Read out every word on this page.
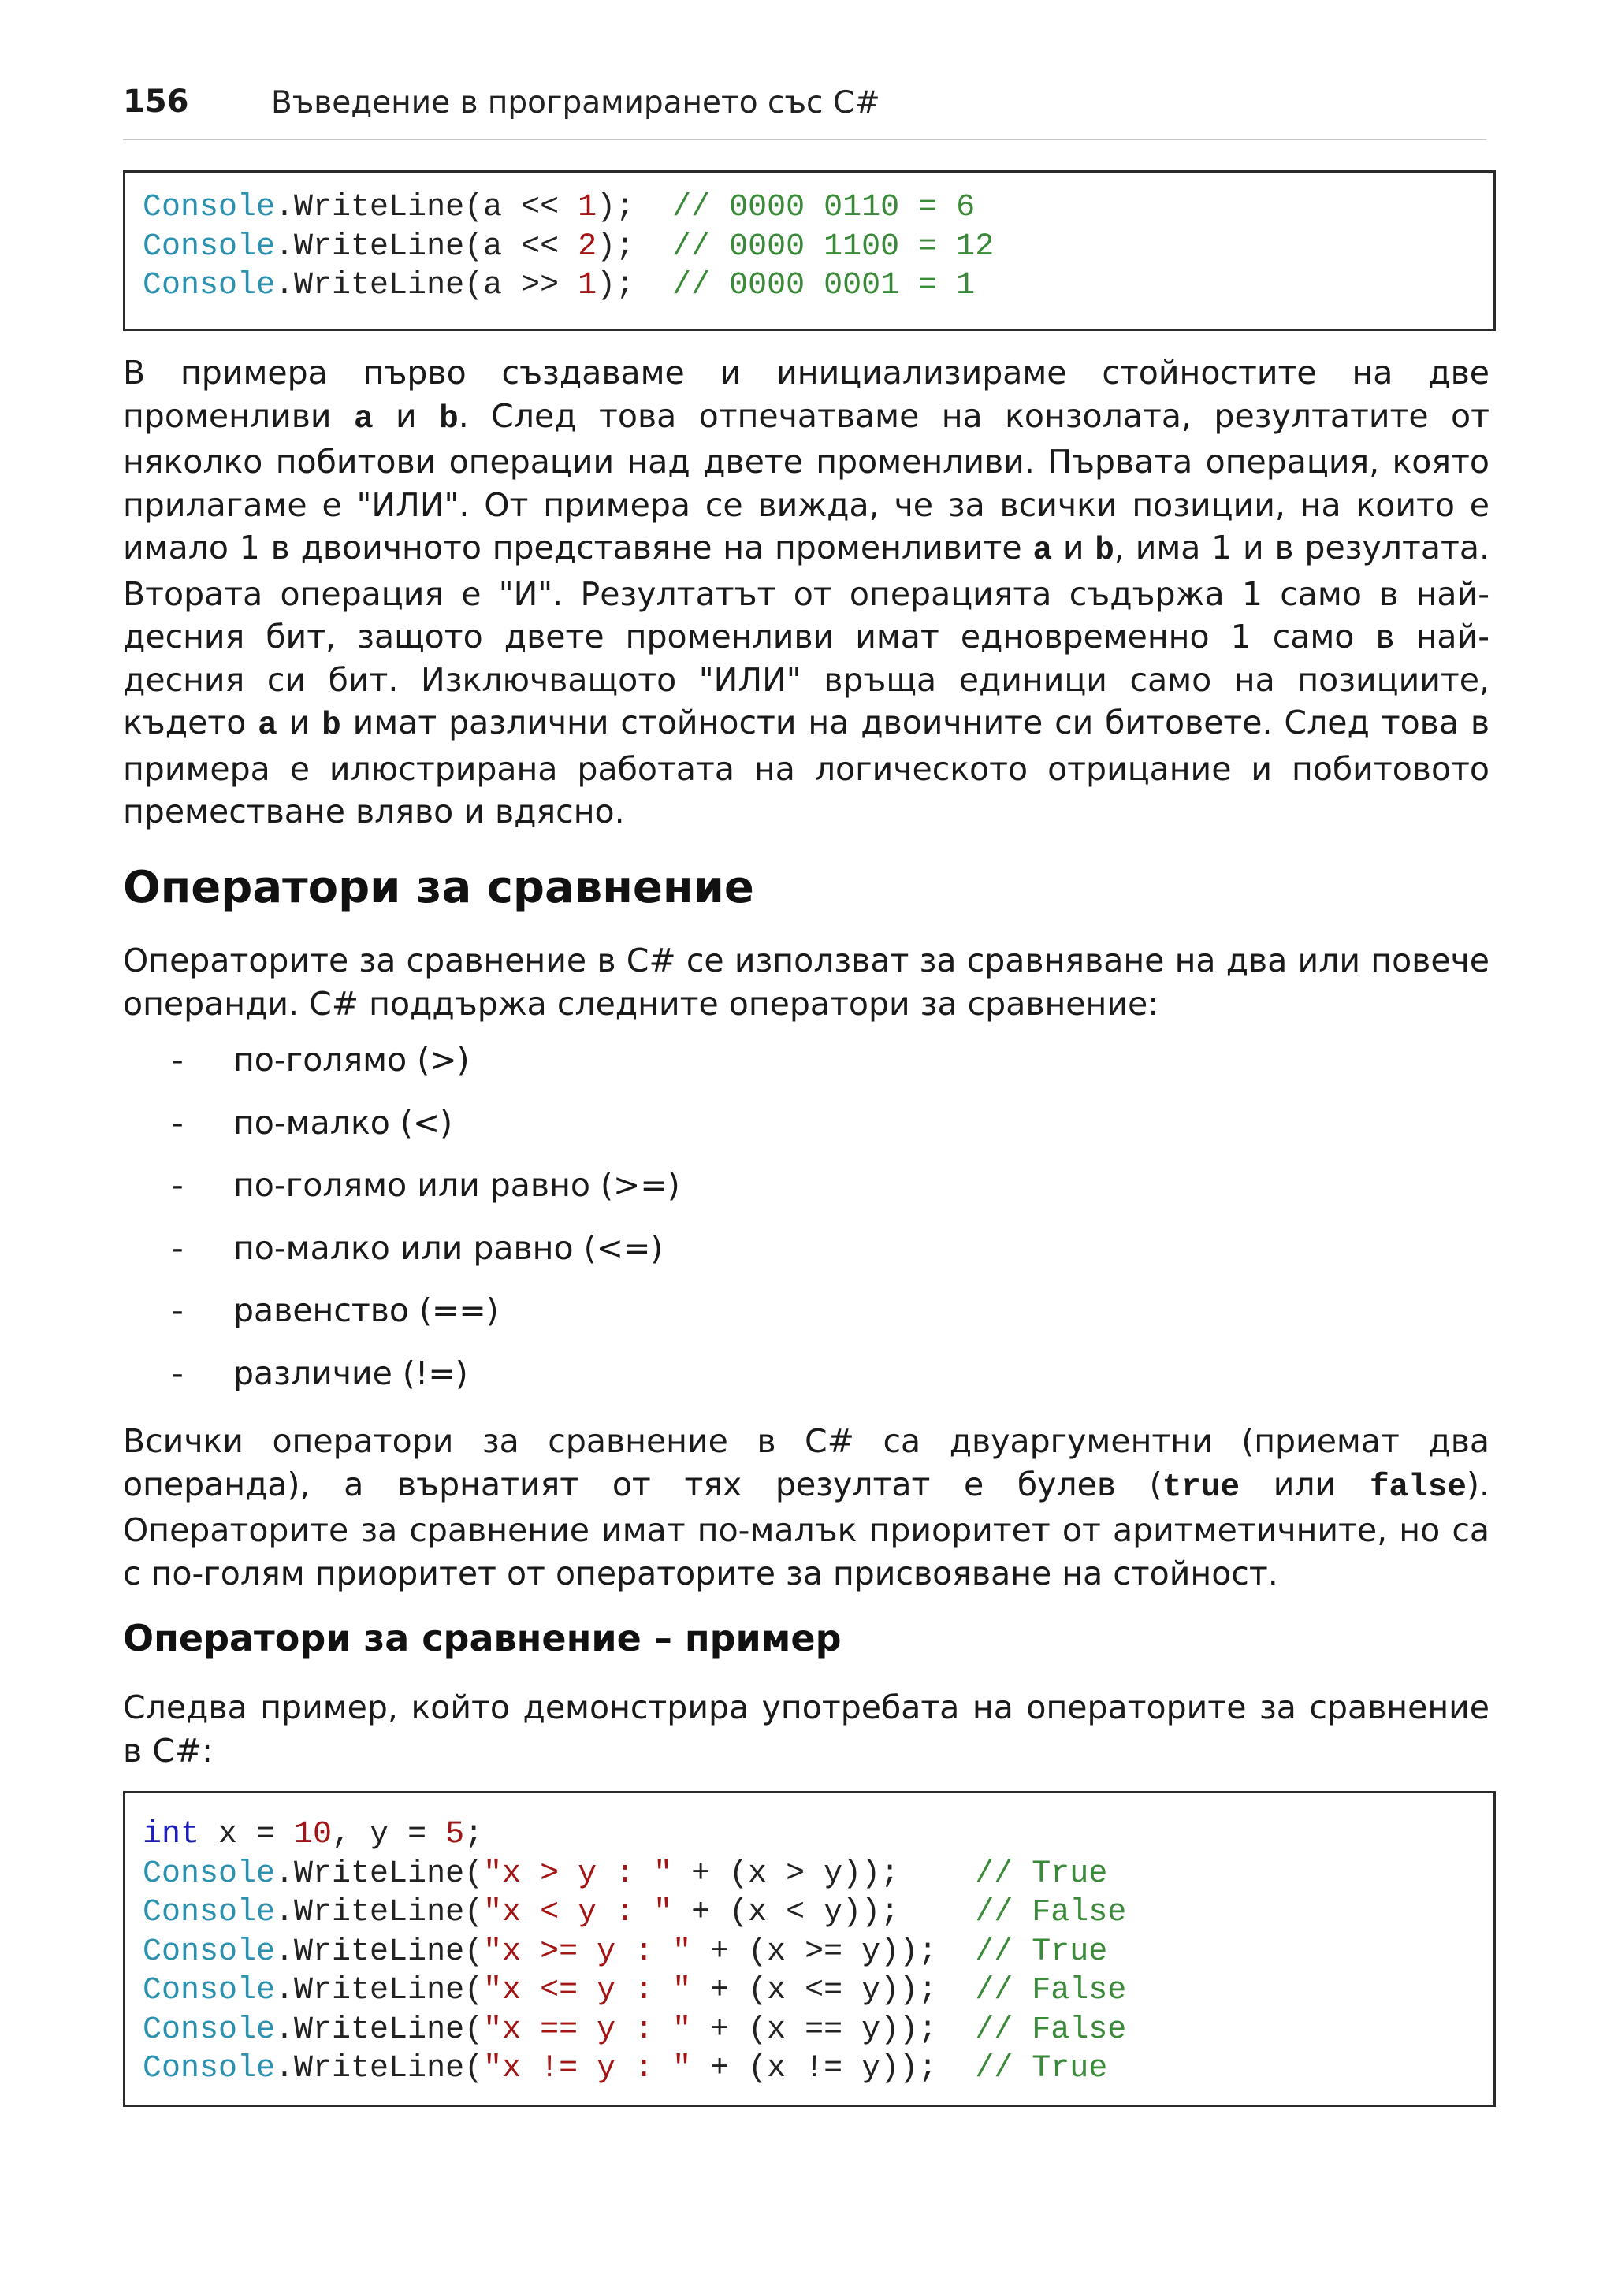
156	Въведение в програмирането със C#
Console.WriteLine(a << 1);  // 0000 0110 = 6
Console.WriteLine(a << 2);  // 0000 1100 = 12
Console.WriteLine(a >> 1);  // 0000 0001 = 1

В примера първо създаваме и инициализираме стойностите на две променливи a и b. След това отпечатваме на конзолата, резултатите от няколко побитови операции над двете променливи. Първата операция, която прилагаме е "ИЛИ". От примера се вижда, че за всички позиции, на които е имало 1 в двоичното представяне на променливите a и b, има 1 и в резултата. Втората операция е "И". Резултатът от операцията съдържа 1 само в най-десния бит, защото двете променливи имат едновременно 1 само в най-десния си бит. Изключващото "ИЛИ" връща единици само на позициите, където a и b имат различни стойности на двоичните си битовете. След това в примера е илюстрирана работата на логическото отрицание и побитовото преместване вляво и вдясно.

Оператори за сравнение

Операторите за сравнение в C# се използват за сравняване на два или повече операнди. C# поддържа следните оператори за сравнение:

- по-голямо (>)
- по-малко (<)
- по-голямо или равно (>=)
- по-малко или равно (<=)
- равенство (==)
- различие (!=)

Всички оператори за сравнение в C# са двуаргументни (приемат два операнда), а върнатият от тях резултат е булев (true или false). Операторите за сравнение имат по-малък приоритет от аритметичните, но са с по-голям приоритет от операторите за присвояване на стойност.

Оператори за сравнение – пример

Следва пример, който демонстрира употребата на операторите за сравнение в C#:

int x = 10, y = 5;
Console.WriteLine("x > y : " + (x > y));    // True
Console.WriteLine("x < y : " + (x < y));    // False
Console.WriteLine("x >= y : " + (x >= y));  // True
Console.WriteLine("x <= y : " + (x <= y));  // False
Console.WriteLine("x == y : " + (x == y));  // False
Console.WriteLine("x != y : " + (x != y));  // True
